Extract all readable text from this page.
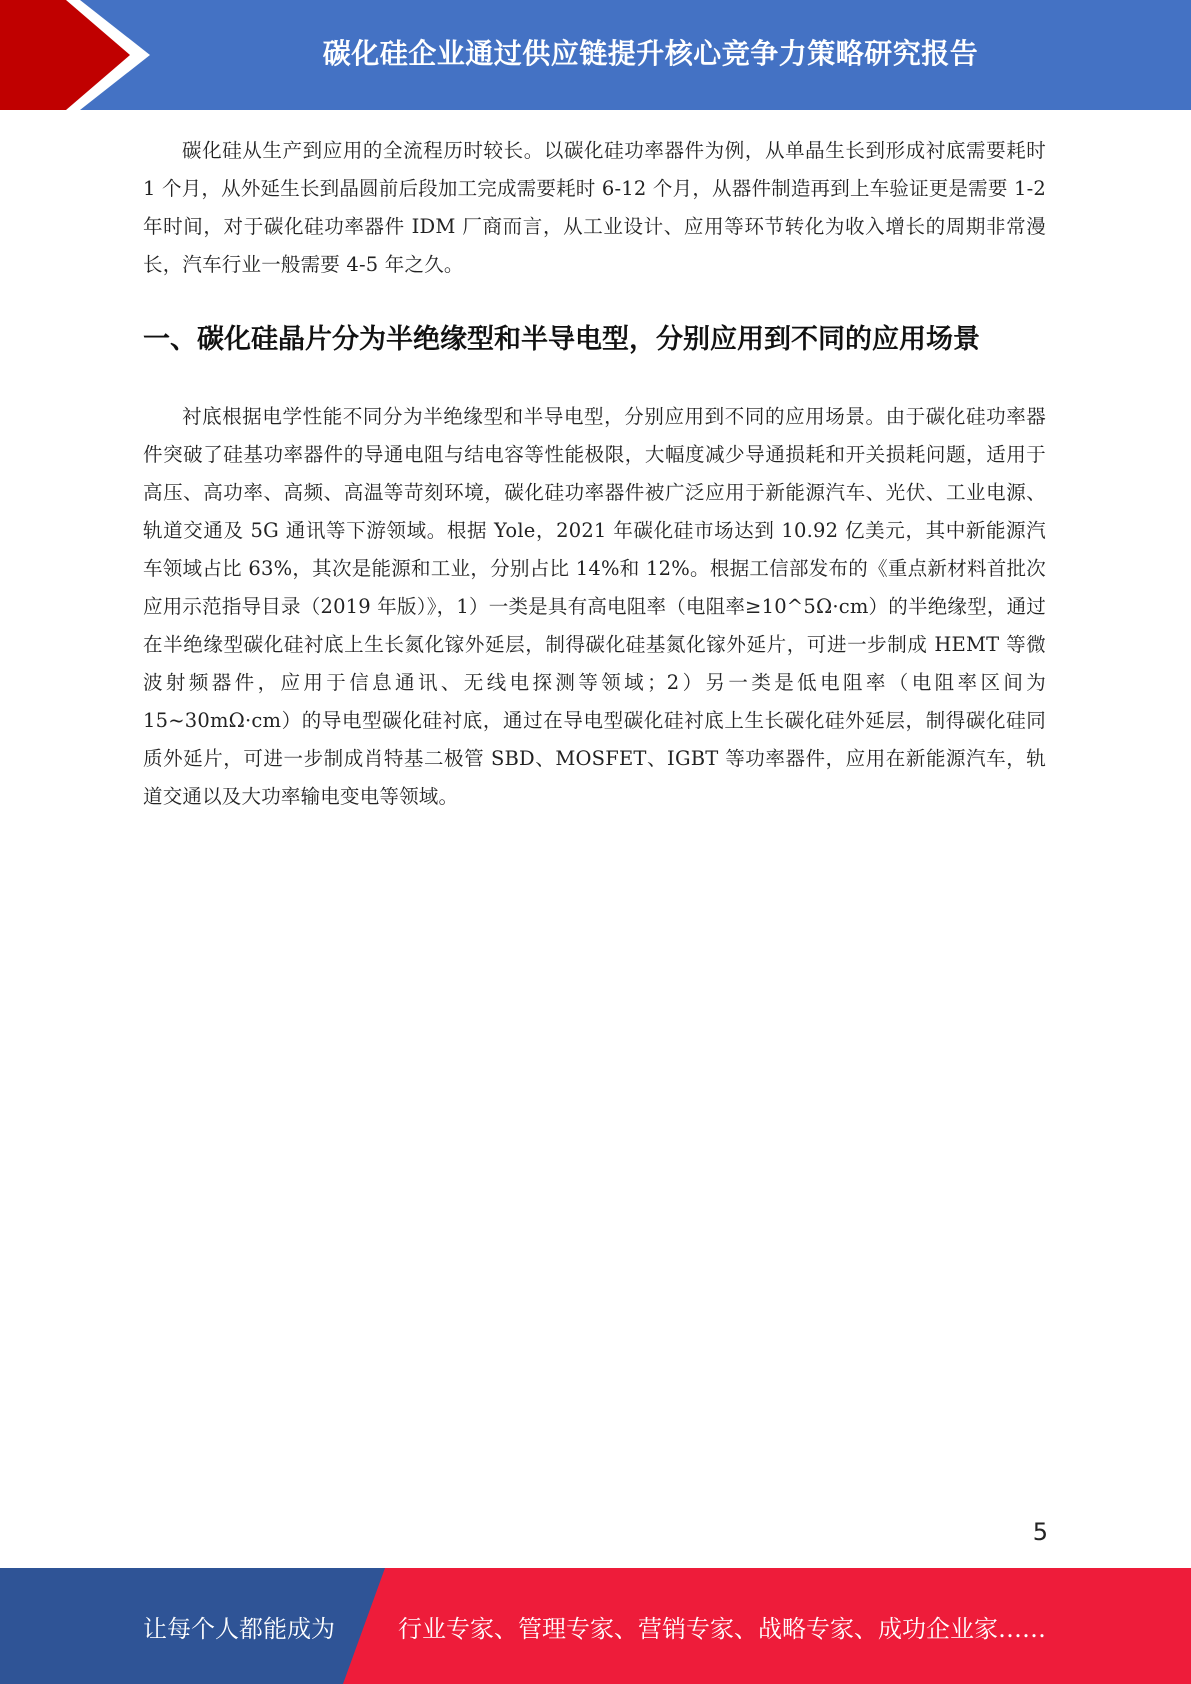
碳化硅企业通过供应链提升核心竞争力策略研究报告

碳化硅从生产到应用的全流程历时较长。以碳化硅功率器件为例，从单晶生长到形成衬底需要耗时 1 个月，从外延生长到晶圆前后段加工完成需要耗时 6-12 个月，从器件制造再到上车验证更是需要 1-2 年时间，对于碳化硅功率器件 IDM 厂商而言，从工业设计、应用等环节转化为收入增长的周期非常漫长，汽车行业一般需要 4-5 年之久。

一、碳化硅晶片分为半绝缘型和半导电型，分别应用到不同的应用场景

衬底根据电学性能不同分为半绝缘型和半导电型，分别应用到不同的应用场景。由于碳化硅功率器件突破了硅基功率器件的导通电阻与结电容等性能极限，大幅度减少导通损耗和开关损耗问题，适用于高压、高功率、高频、高温等苛刻环境，碳化硅功率器件被广泛应用于新能源汽车、光伏、工业电源、轨道交通及 5G 通讯等下游领域。根据 Yole，2021 年碳化硅市场达到 10.92 亿美元，其中新能源汽车领域占比 63%，其次是能源和工业，分别占比 14%和 12%。根据工信部发布的《重点新材料首批次应用示范指导目录（2019 年版）》，1）一类是具有高电阻率（电阻率≥10^5Ω·cm）的半绝缘型，通过在半绝缘型碳化硅衬底上生长氮化镓外延层，制得碳化硅基氮化镓外延片，可进一步制成 HEMT 等微波射频器件，应用于信息通讯、无线电探测等领域；2）另一类是低电阻率（电阻率区间为 15~30mΩ·cm）的导电型碳化硅衬底，通过在导电型碳化硅衬底上生长碳化硅外延层，制得碳化硅同质外延片，可进一步制成肖特基二极管 SBD、MOSFET、IGBT 等功率器件，应用在新能源汽车，轨道交通以及大功率输电变电等领域。

5
让每个人都能成为	行业专家、管理专家、营销专家、战略专家、成功企业家……
